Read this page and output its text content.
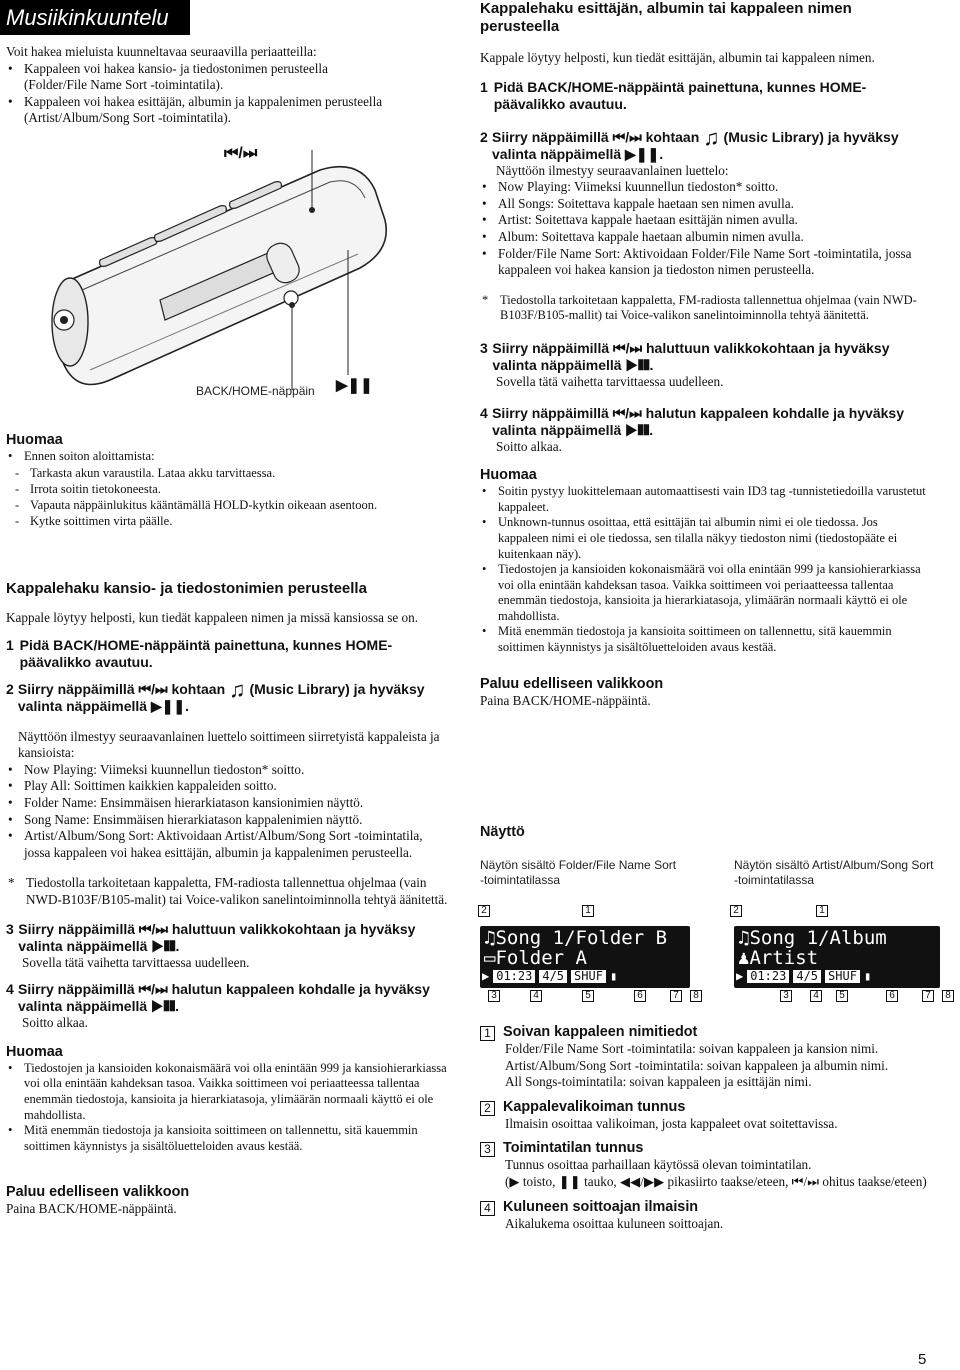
Musiikinkuuntelu
Voit hakea mieluista kuunneltavaa seuraavilla periaatteilla:
• Kappaleen voi hakea kansio- ja tiedostonimen perusteella (Folder/File Name Sort -toimintatila).
• Kappaleen voi hakea esittäjän, albumin ja kappalenimen perusteella (Artist/Album/Song Sort -toimintatila).
⏮/⏭
BACK/HOME-näppäin ▶❚❚
Huomaa
• Ennen soiton aloittamista:
- Tarkasta akun varaustila. Lataa akku tarvittaessa.
- Irrota soitin tietokoneesta.
- Vapauta näppäinlukitus kääntämällä HOLD-kytkin oikeaan asentoon.
- Kytke soittimen virta päälle.
Kappalehaku kansio- ja tiedostonimien perusteella
Kappale löytyy helposti, kun tiedät kappaleen nimen ja missä kansiossa se on.
1 Pidä BACK/HOME-näppäintä painettuna, kunnes HOME-päävalikko avautuu.
2 Siirry näppäimillä ⏮/⏭ kohtaan ♫ (Music Library) ja hyväksy valinta näppäimellä ▶❚❚.
Näyttöön ilmestyy seuraavanlainen luettelo soittimeen siirretyistä kappaleista ja kansioista:
• Now Playing: Viimeksi kuunnellun tiedoston* soitto.
• Play All: Soittimen kaikkien kappaleiden soitto.
• Folder Name: Ensimmäisen hierarkiatason kansionimien näyttö.
• Song Name: Ensimmäisen hierarkiatason kappalenimien näyttö.
• Artist/Album/Song Sort: Aktivoidaan Artist/Album/Song Sort -toimintatila, jossa kappaleen voi hakea esittäjän, albumin ja kappalenimen perusteella.
* Tiedostolla tarkoitetaan kappaletta, FM-radiosta tallennettua ohjelmaa (vain NWD-B103F/B105-malit) tai Voice-valikon sanelintoiminnolla tehtyä äänitettä.
3 Siirry näppäimillä ⏮/⏭ haluttuun valikkokohtaan ja hyväksy valinta näppäimellä ▶❚❚.
Sovella tätä vaihetta tarvittaessa uudelleen.
4 Siirry näppäimillä ⏮/⏭ halutun kappaleen kohdalle ja hyväksy valinta näppäimellä ▶❚❚.
Soitto alkaa.
Huomaa
• Tiedostojen ja kansioiden kokonaismäärä voi olla enintään 999 ja kansiohierarkiassa voi olla enintään kahdeksan tasoa. Vaikka soittimeen voi periaatteessa tallentaa enemmän tiedostoja, kansioita ja hierarkiatasoja, ylimäärän normaali käyttö ei ole mahdollista.
• Mitä enemmän tiedostoja ja kansioita soittimeen on tallennettu, sitä kauemmin soittimen käynnistys ja sisältöluetteloiden avaus kestää.
Paluu edelliseen valikkoon
Paina BACK/HOME-näppäintä.
Kappalehaku esittäjän, albumin tai kappaleen nimen perusteella
Kappale löytyy helposti, kun tiedät esittäjän, albumin tai kappaleen nimen.
1 Pidä BACK/HOME-näppäintä painettuna, kunnes HOME-päävalikko avautuu.
2 Siirry näppäimillä ⏮/⏭ kohtaan ♫ (Music Library) ja hyväksy valinta näppäimellä ▶❚❚.
Näyttöön ilmestyy seuraavanlainen luettelo:
• Now Playing: Viimeksi kuunnellun tiedoston* soitto.
• All Songs: Soitettava kappale haetaan sen nimen avulla.
• Artist: Soitettava kappale haetaan esittäjän nimen avulla.
• Album: Soitettava kappale haetaan albumin nimen avulla.
• Folder/File Name Sort: Aktivoidaan Folder/File Name Sort -toimintatila, jossa kappaleen voi hakea kansion ja tiedoston nimen perusteella.
* Tiedostolla tarkoitetaan kappaletta, FM-radiosta tallennettua ohjelmaa (vain NWD-B103F/B105-mallit) tai Voice-valikon sanelintoiminnolla tehtyä äänitettä.
3 Siirry näppäimillä ⏮/⏭ haluttuun valikkokohtaan ja hyväksy valinta näppäimellä ▶❚❚.
Sovella tätä vaihetta tarvittaessa uudelleen.
4 Siirry näppäimillä ⏮/⏭ halutun kappaleen kohdalle ja hyväksy valinta näppäimellä ▶❚❚.
Soitto alkaa.
Huomaa
• Soitin pystyy luokittelemaan automaattisesti vain ID3 tag -tunnistetiedoilla varustetut kappaleet.
• Unknown-tunnus osoittaa, että esittäjän tai albumin nimi ei ole tiedossa. Jos kappaleen nimi ei ole tiedossa, sen tilalla näkyy tiedoston nimi (tiedostopääte ei kuitenkaan näy).
• Tiedostojen ja kansioiden kokonaismäärä voi olla enintään 999 ja kansiohierarkiassa voi olla enintään kahdeksan tasoa. Vaikka soittimeen voi periaatteessa tallentaa enemmän tiedostoja, kansioita ja hierarkiatasoja, ylimäärän normaali käyttö ei ole mahdollista.
• Mitä enemmän tiedostoja ja kansioita soittimeen on tallennettu, sitä kauemmin soittimen käynnistys ja sisältöluetteloiden avaus kestää.
Paluu edelliseen valikkoon
Paina BACK/HOME-näppäintä.
Näyttö
Näytön sisältö Folder/File Name Sort -toimintatilassa
2	1
♫Song 1/Folder B
▭Folder A
▶ 01:23 4/5 SHUF ▮
3	4	5	6	7	8
Näytön sisältö Artist/Album/Song Sort -toimintatilassa
2	1
♫Song 1/Album
♟Artist
▶ 01:23 4/5 SHUF ▮
3	4	5	6	7	8
1 Soivan kappaleen nimitiedot
Folder/File Name Sort -toimintatila: soivan kappaleen ja kansion nimi.
Artist/Album/Song Sort -toimintatila: soivan kappaleen ja albumin nimi.
All Songs-toimintatila: soivan kappaleen ja esittäjän nimi.
2 Kappalevalikoiman tunnus
Ilmaisin osoittaa valikoiman, josta kappaleet ovat soitettavissa.
3 Toimintatilan tunnus
Tunnus osoittaa parhaillaan käytössä olevan toimintatilan.
(▶ toisto, ❚❚ tauko, ◀◀/▶▶ pikasiirto taakse/eteen, ⏮/⏭ ohitus taakse/eteen)
4 Kuluneen soittoajan ilmaisin
Aikalukema osoittaa kuluneen soittoajan.
5
